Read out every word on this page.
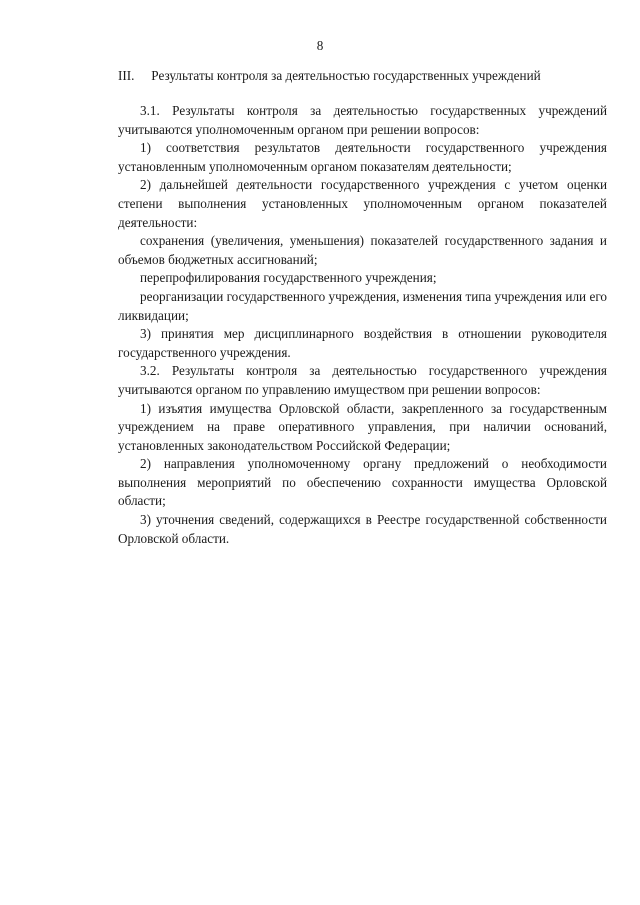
8
III. Результаты контроля за деятельностью государственных учреждений

3.1. Результаты контроля за деятельностью государственных учреждений учитываются уполномоченным органом при решении вопросов:

1) соответствия результатов деятельности государственного учреждения установленным уполномоченным органом показателям деятельности;

2) дальнейшей деятельности государственного учреждения с учетом оценки степени выполнения установленных уполномоченным органом показателей деятельности:

сохранения (увеличения, уменьшения) показателей государственного задания и объемов бюджетных ассигнований;

перепрофилирования государственного учреждения;

реорганизации государственного учреждения, изменения типа учреждения или его ликвидации;

3) принятия мер дисциплинарного воздействия в отношении руководителя государственного учреждения.

3.2. Результаты контроля за деятельностью государственного учреждения учитываются органом по управлению имуществом при решении вопросов:

1) изъятия имущества Орловской области, закрепленного за государственным учреждением на праве оперативного управления, при наличии оснований, установленных законодательством Российской Федерации;

2) направления уполномоченному органу предложений о необходимости выполнения мероприятий по обеспечению сохранности имущества Орловской области;

3) уточнения сведений, содержащихся в Реестре государственной собственности Орловской области.
